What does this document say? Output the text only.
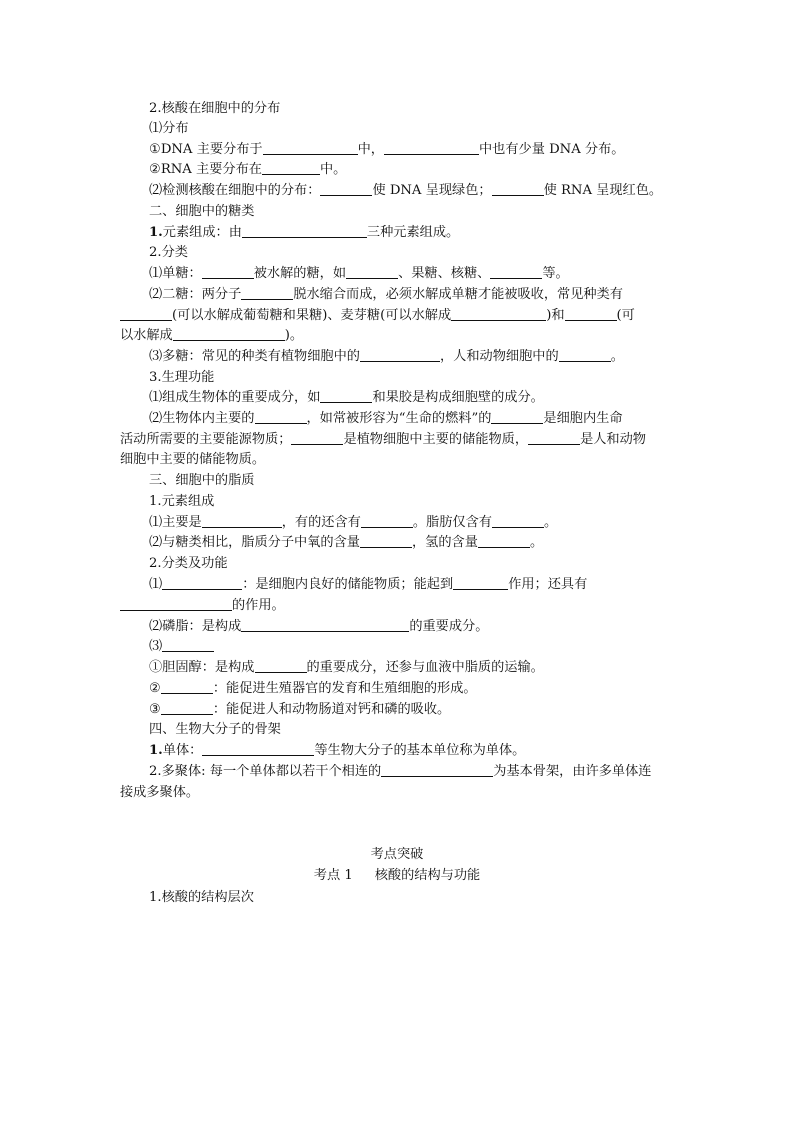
2.核酸在细胞中的分布
⑴分布
①DNA 主要分布于	中，	中也有少量 DNA 分布。
②RNA 主要分布在	中。
⑵检测核酸在细胞中的分布：	使 DNA 呈现绿色；	使 RNA 呈现红色。
二、细胞中的糖类
1.元素组成：由	三种元素组成。
2.分类
⑴单糖：	被水解的糖，如	、果糖、核糖、	等。
⑵二糖：两分子	脱水缩合而成，必须水解成单糖才能被吸收，常见种类有
(可以水解成葡萄糖和果糖)、麦芽糖(可以水解成	)和	(可
以水解成	)。
⑶多糖：常见的种类有植物细胞中的	，人和动物细胞中的	。
3.生理功能
⑴组成生物体的重要成分，如	和果胶是构成细胞壁的成分。
⑵生物体内主要的	，如常被形容为“生命的燃料”的	是细胞内生命
活动所需要的主要能源物质；	是植物细胞中主要的储能物质，	是人和动物
细胞中主要的储能物质。
三、细胞中的脂质
1.元素组成
⑴主要是	，有的还含有	。脂肪仅含有	。
⑵与糖类相比，脂质分子中氧的含量	，氢的含量	。
2.分类及功能
⑴	：是细胞内良好的储能物质；能起到	作用；还具有
的作用。
⑵磷脂：是构成	的重要成分。
⑶
①胆固醇：是构成	的重要成分，还参与血液中脂质的运输。
②	：能促进生殖器官的发育和生殖细胞的形成。
③	：能促进人和动物肠道对钙和磷的吸收。
四、生物大分子的骨架
1.单体：	等生物大分子的基本单位称为单体。
2.多聚体: 每一个单体都以若干个相连的	为基本骨架，由许多单体连
接成多聚体。
考点突破
考点 1 核酸的结构与功能
1.核酸的结构层次
